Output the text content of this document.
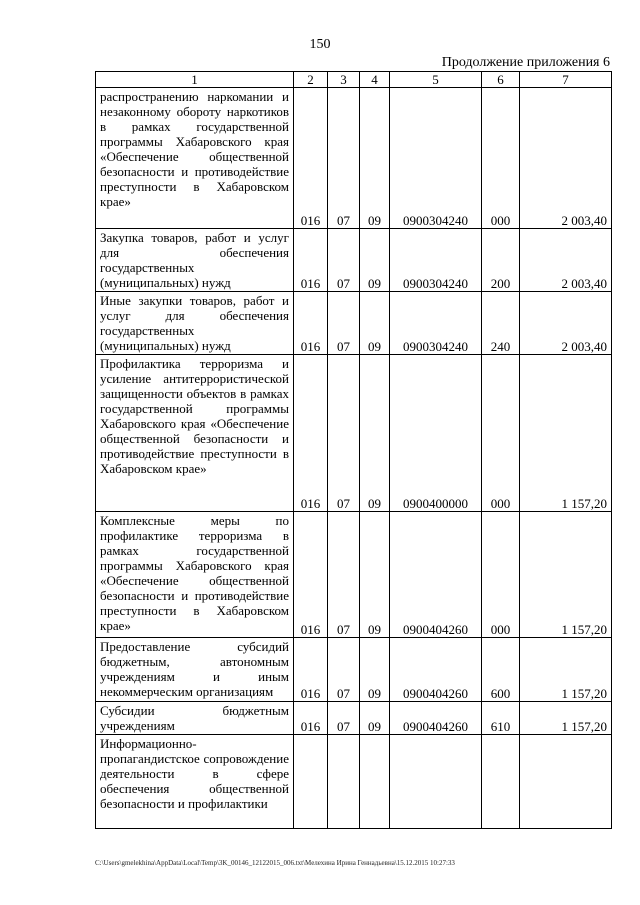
150
Продолжение приложения 6
1	2	3	4	5	6	7
распространению наркомании и незаконному обороту наркотиков в рамках государственной программы Хабаровского края «Обеспечение общественной безопасности и противодействие преступности в Хабаровском крае»	016	07	09	0900304240	000	2 003,40
Закупка товаров, работ и услуг для обеспечения государственных (муниципальных) нужд	016	07	09	0900304240	200	2 003,40
Иные закупки товаров, работ и услуг для обеспечения государственных (муниципальных) нужд	016	07	09	0900304240	240	2 003,40
Профилактика терроризма и усиление антитеррористической защищенности объектов в рамках государственной программы Хабаровского края «Обеспечение общественной безопасности и противодействие преступности в Хабаровском крае»	016	07	09	0900400000	000	1 157,20
Комплексные меры по профилактике терроризма в рамках государственной программы Хабаровского края «Обеспечение общественной безопасности и противодействие преступности в Хабаровском крае»	016	07	09	0900404260	000	1 157,20
Предоставление субсидий бюджетным, автономным учреждениям и иным некоммерческим организациям	016	07	09	0900404260	600	1 157,20
Субсидии бюджетным учреждениям	016	07	09	0900404260	610	1 157,20
Информационно-пропагандистское сопровождение деятельности в сфере обеспечения общественной безопасности и профилактики						
C:\Users\gmelekhina\AppData\Local\Temp\3K_00146_12122015_006.txt\Мелехина Ирина Геннадьевна\15.12.2015 10:27:33
